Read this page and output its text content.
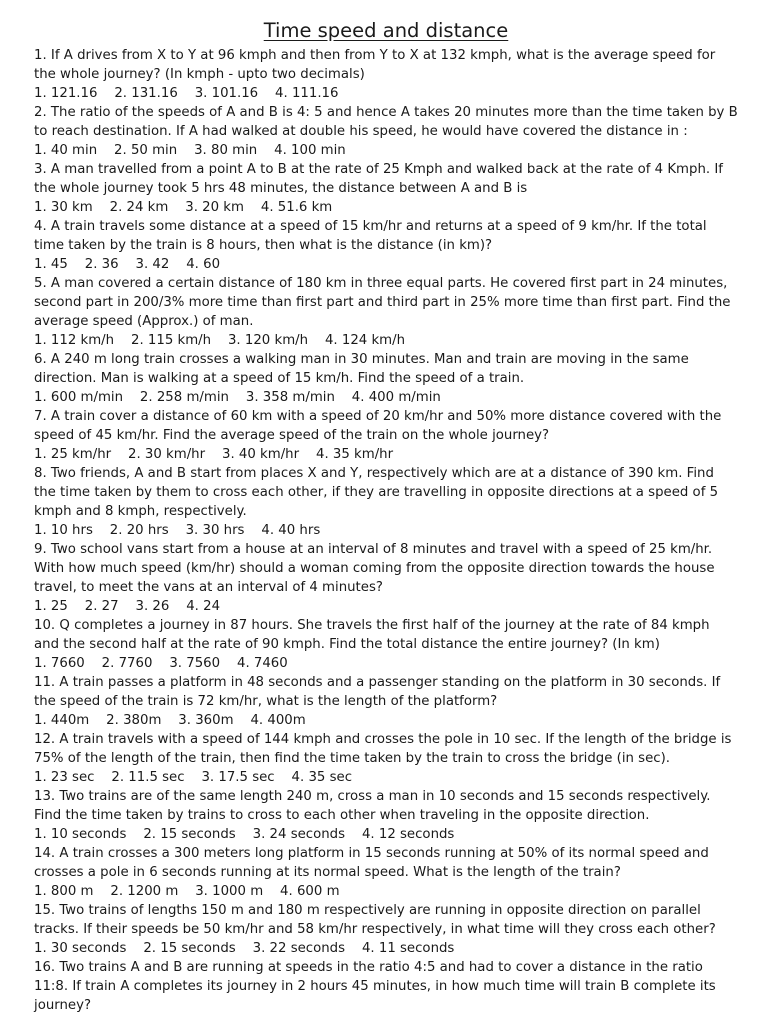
Time speed and distance
1. If A drives from X to Y at 96 kmph and then from Y to X at 132 kmph, what is the average speed for the whole journey? (In kmph - upto two decimals)
1. 121.16    2. 131.16    3. 101.16    4. 111.16
2. The ratio of the speeds of A and B is 4: 5 and hence A takes 20 minutes more than the time taken by B to reach destination. If A had walked at double his speed, he would have covered the distance in :
1. 40 min    2. 50 min    3. 80 min    4. 100 min
3. A man travelled from a point A to B at the rate of 25 Kmph and walked back at the rate of 4 Kmph. If the whole journey took 5 hrs 48 minutes, the distance between A and B is
1. 30 km    2. 24 km    3. 20 km    4. 51.6 km
4. A train travels some distance at a speed of 15 km/hr and returns at a speed of 9 km/hr. If the total time taken by the train is 8 hours, then what is the distance (in km)?
1. 45    2. 36    3. 42    4. 60
5. A man covered a certain distance of 180 km in three equal parts. He covered first part in 24 minutes, second part in 200/3% more time than first part and third part in 25% more time than first part. Find the average speed (Approx.) of man.
1. 112 km/h    2. 115 km/h    3. 120 km/h    4. 124 km/h
6. A 240 m long train crosses a walking man in 30 minutes. Man and train are moving in the same direction. Man is walking at a speed of 15 km/h. Find the speed of a train.
1. 600 m/min    2. 258 m/min    3. 358 m/min    4. 400 m/min
7. A train cover a distance of 60 km with a speed of 20 km/hr and 50% more distance covered with the speed of 45 km/hr. Find the average speed of the train on the whole journey?
1. 25 km/hr    2. 30 km/hr    3. 40 km/hr    4. 35 km/hr
8. Two friends, A and B start from places X and Y, respectively which are at a distance of 390 km. Find the time taken by them to cross each other, if they are travelling in opposite directions at a speed of 5 kmph and 8 kmph, respectively.
1. 10 hrs    2. 20 hrs    3. 30 hrs    4. 40 hrs
9. Two school vans start from a house at an interval of 8 minutes and travel with a speed of 25 km/hr. With how much speed (km/hr) should a woman coming from the opposite direction towards the house travel, to meet the vans at an interval of 4 minutes?
1. 25    2. 27    3. 26    4. 24
10. Q completes a journey in 87 hours. She travels the first half of the journey at the rate of 84 kmph and the second half at the rate of 90 kmph. Find the total distance the entire journey? (In km)
1. 7660    2. 7760    3. 7560    4. 7460
11. A train passes a platform in 48 seconds and a passenger standing on the platform in 30 seconds. If the speed of the train is 72 km/hr, what is the length of the platform?
1. 440m    2. 380m    3. 360m    4. 400m
12. A train travels with a speed of 144 kmph and crosses the pole in 10 sec. If the length of the bridge is 75% of the length of the train, then find the time taken by the train to cross the bridge (in sec).
1. 23 sec    2. 11.5 sec    3. 17.5 sec    4. 35 sec
13. Two trains are of the same length 240 m, cross a man in 10 seconds and 15 seconds respectively. Find the time taken by trains to cross to each other when traveling in the opposite direction.
1. 10 seconds    2. 15 seconds    3. 24 seconds    4. 12 seconds
14. A train crosses a 300 meters long platform in 15 seconds running at 50% of its normal speed and crosses a pole in 6 seconds running at its normal speed. What is the length of the train?
1. 800 m    2. 1200 m    3. 1000 m    4. 600 m
15. Two trains of lengths 150 m and 180 m respectively are running in opposite direction on parallel tracks. If their speeds be 50 km/hr and 58 km/hr respectively, in what time will they cross each other?
1. 30 seconds    2. 15 seconds    3. 22 seconds    4. 11 seconds
16. Two trains A and B are running at speeds in the ratio 4:5 and had to cover a distance in the ratio 11:8. If train A completes its journey in 2 hours 45 minutes, in how much time will train B complete its journey?
